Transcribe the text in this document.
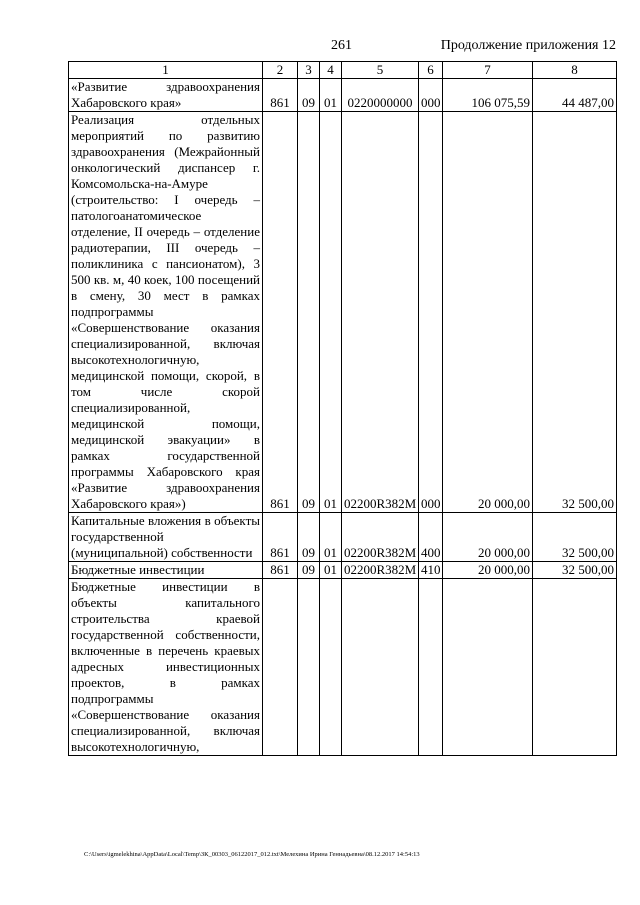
261	Продолжение приложения 12
1	2	3	4	5	6	7	8
«Развитие здравоохранения Хабаровского края»	861	09	01	0220000000	000	106 075,59	44 487,00
Реализация отдельных мероприятий по развитию здравоохранения (Межрайонный онкологический диспансер г. Комсомольска-на-Амуре (строительство: I очередь – патологоанатомическое отделение, II очередь – отделение радиотерапии, III очередь – поликлиника с пансионатом), 3 500 кв. м, 40 коек, 100 посещений в смену, 30 мест в рамках подпрограммы «Совершенствование оказания специализированной, включая высокотехнологичную, медицинской помощи, скорой, в том числе скорой специализированной, медицинской помощи, медицинской эвакуации» в рамках государственной программы Хабаровского края «Развитие здравоохранения Хабаровского края»)	861	09	01	02200R382M	000	20 000,00	32 500,00
Капитальные вложения в объекты государственной (муниципальной) собственности	861	09	01	02200R382M	400	20 000,00	32 500,00
Бюджетные инвестиции	861	09	01	02200R382M	410	20 000,00	32 500,00
Бюджетные инвестиции в объекты капитального строительства краевой государственной собственности, включенные в перечень краевых адресных инвестиционных проектов, в рамках подпрограммы «Совершенствование оказания специализированной, включая высокотехнологичную,							
C:\Users\igmelekhina\AppData\Local\Temp\ЗК_00303_06122017_012.txt\Мелехина Ирина Геннадьевна\08.12.2017 14:54:13
